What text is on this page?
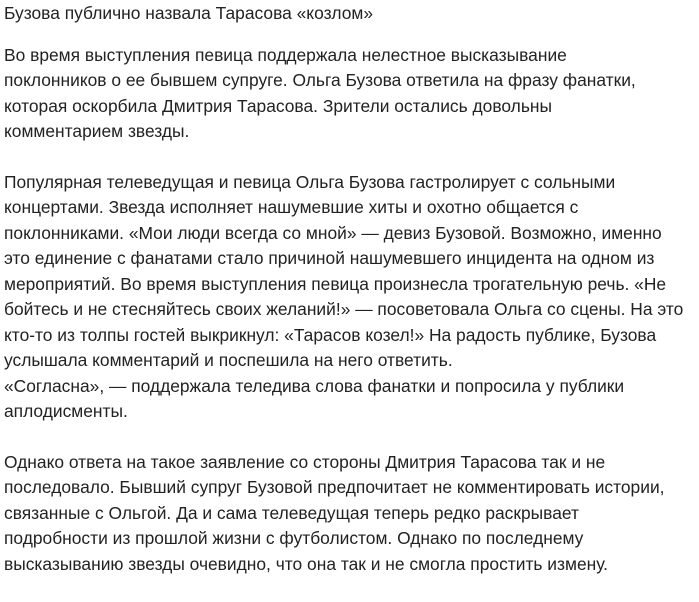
Бузова публично назвала Тарасова «козлом»
Во время выступления певица поддержала нелестное высказывание
поклонников о ее бывшем супруге. Ольга Бузова ответила на фразу фанатки,
которая оскорбила Дмитрия Тарасова. Зрители остались довольны
комментарием звезды.
Популярная телеведущая и певица Ольга Бузова гастролирует с сольными
концертами. Звезда исполняет нашумевшие хиты и охотно общается с
поклонниками. «Мои люди всегда со мной» — девиз Бузовой. Возможно, именно
это единение с фанатами стало причиной нашумевшего инцидента на одном из
мероприятий. Во время выступления певица произнесла трогательную речь. «Не
бойтесь и не стесняйтесь своих желаний!» — посоветовала Ольга со сцены. На это
кто-то из толпы гостей выкрикнул: «Тарасов козел!» На радость публике, Бузова
услышала комментарий и поспешила на него ответить.
«Согласна», — поддержала теледива слова фанатки и попросила у публики
аплодисменты.
Однако ответа на такое заявление со стороны Дмитрия Тарасова так и не
последовало. Бывший супруг Бузовой предпочитает не комментировать истории,
связанные с Ольгой. Да и сама телеведущая теперь редко раскрывает
подробности из прошлой жизни с футболистом. Однако по последнему
высказыванию звезды очевидно, что она так и не смогла простить измену.
